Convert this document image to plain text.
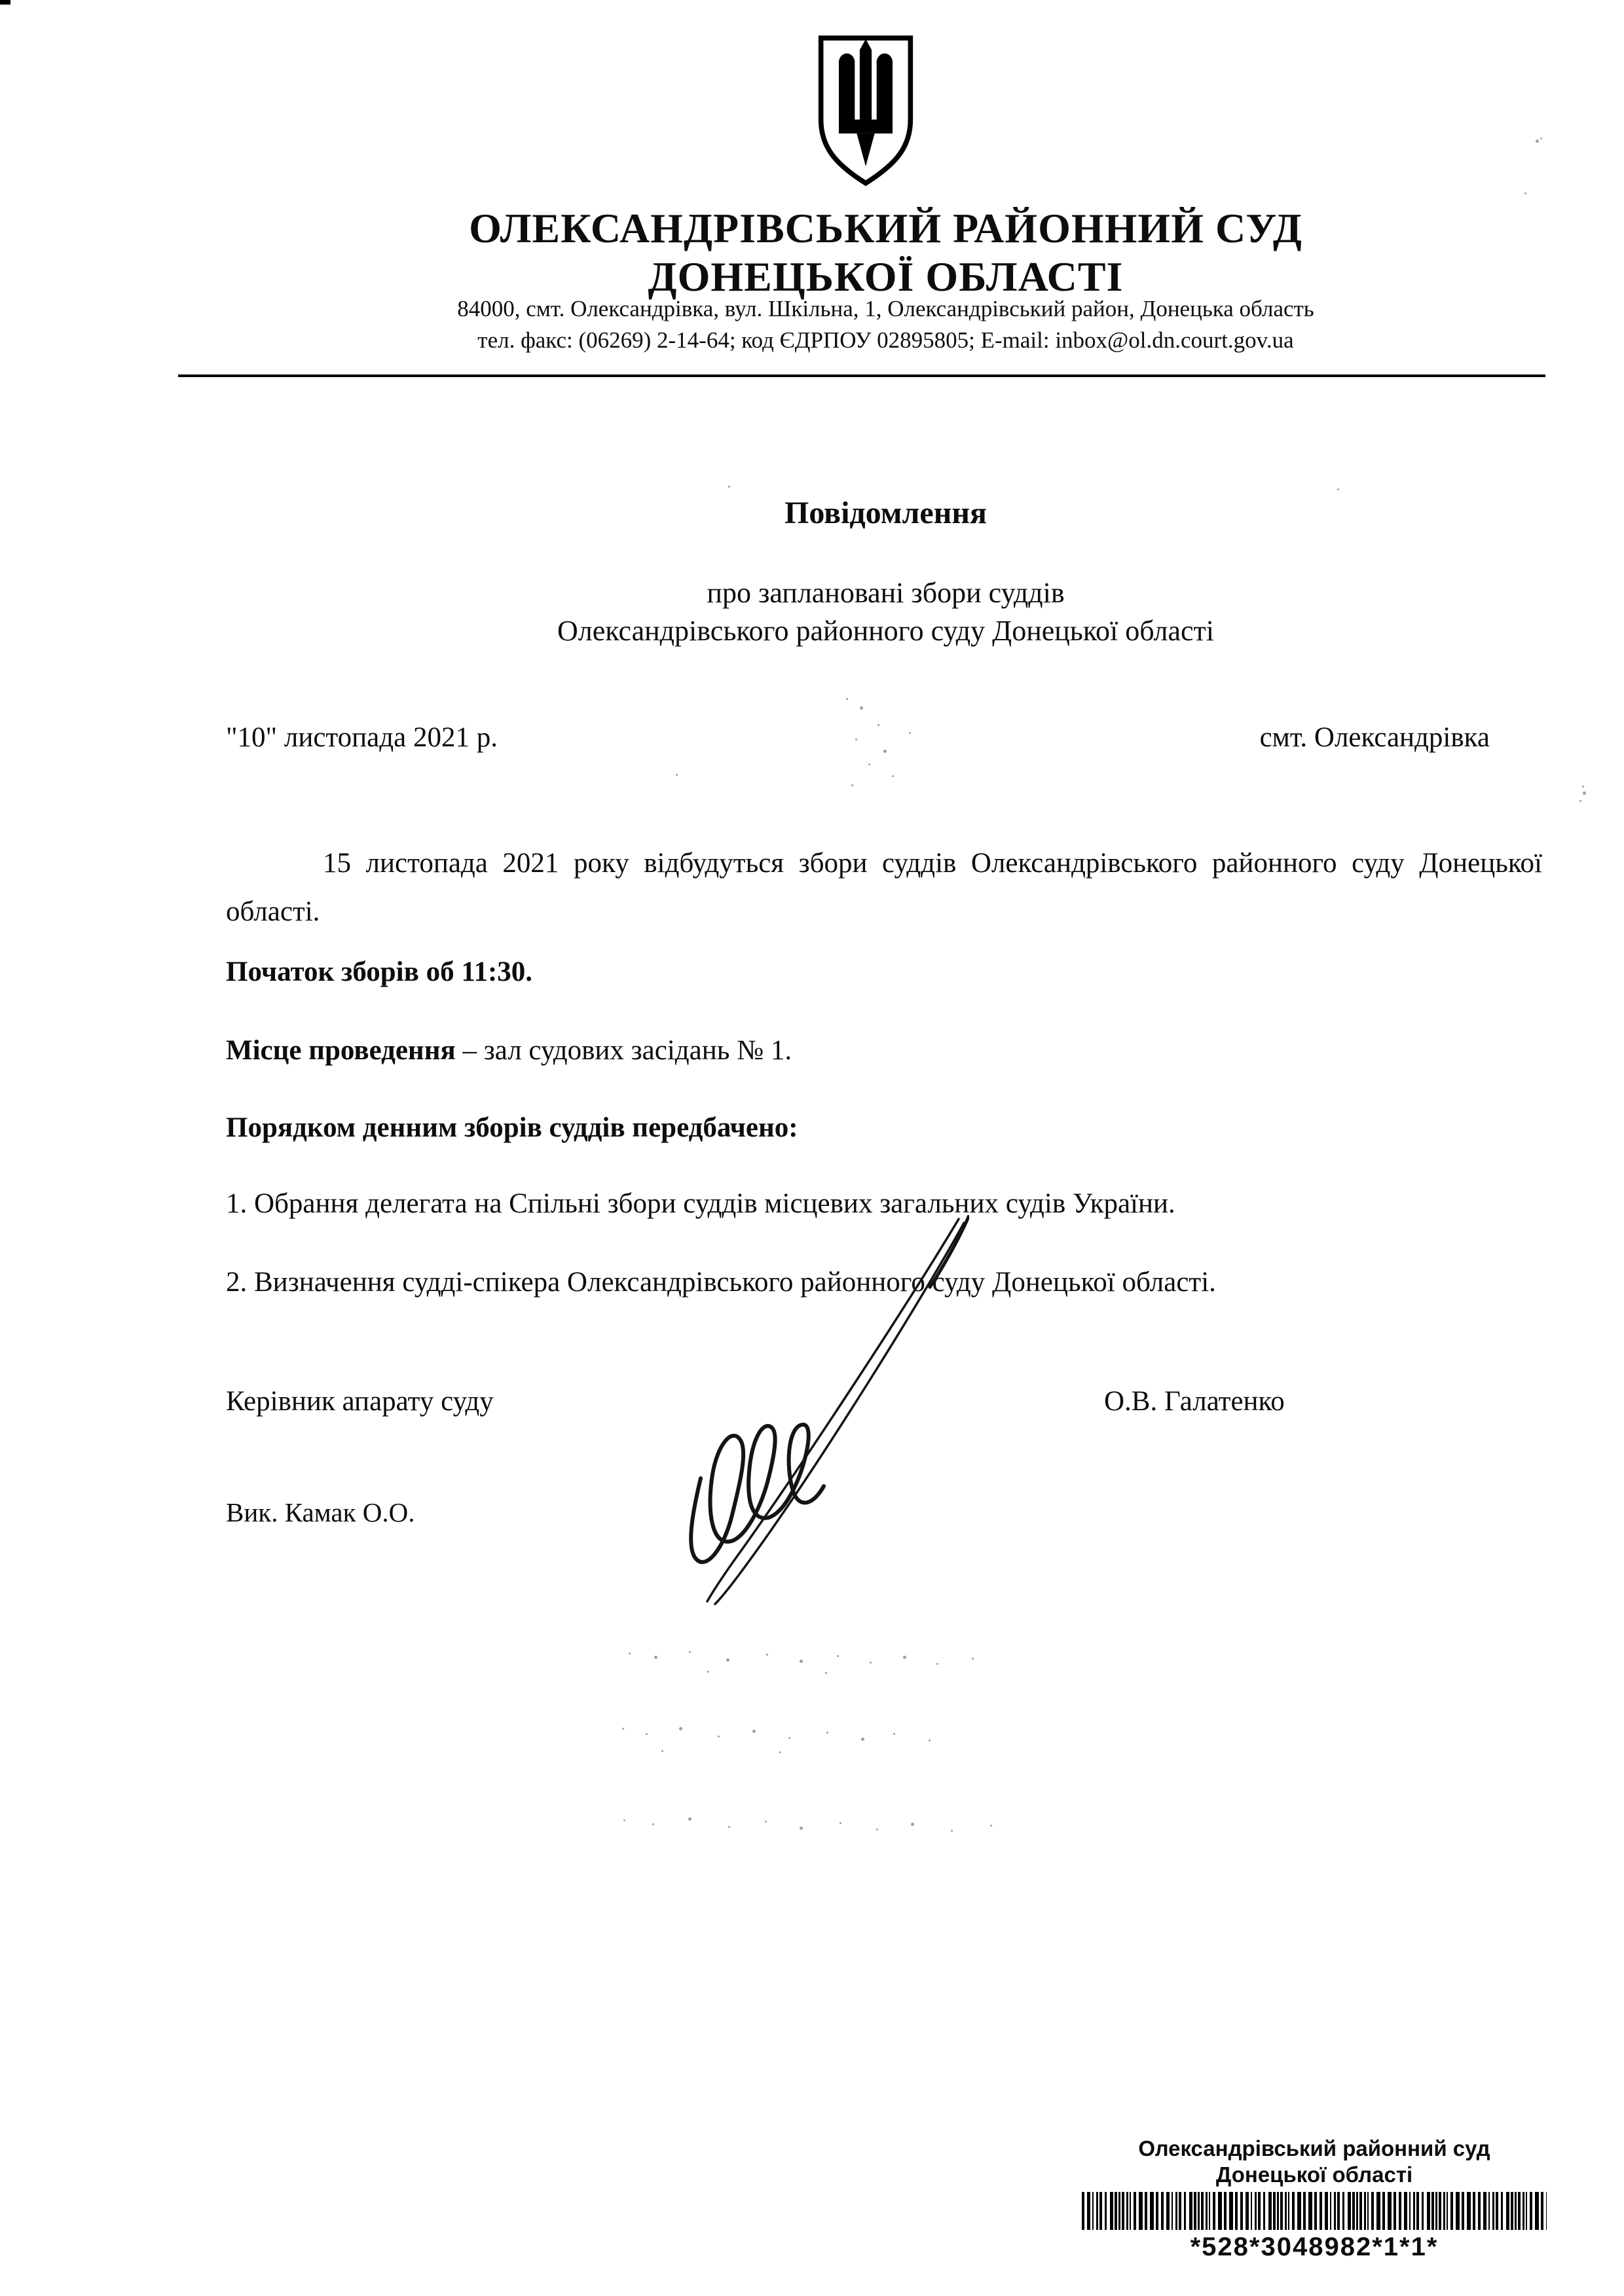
ОЛЕКСАНДРІВСЬКИЙ РАЙОННИЙ СУД
ДОНЕЦЬКОЇ ОБЛАСТІ
84000, смт. Олександрівка, вул. Шкільна, 1, Олександрівський район, Донецька область
тел. факс: (06269) 2-14-64; код ЄДРПОУ 02895805; E-mail: inbox@ol.dn.court.gov.ua
Повідомлення
про заплановані збори суддів
Олександрівського районного суду Донецької області
"10" листопада 2021 р.	смт. Олександрівка
15 листопада 2021 року відбудуться збори суддів Олександрівського районного суду Донецької області.
Початок зборів об 11:30.
Місце проведення – зал судових засідань № 1.
Порядком денним зборів суддів передбачено:
1. Обрання делегата на Спільні збори суддів місцевих загальних судів України.
2. Визначення судді-спікера Олександрівського районного суду Донецької області.
Керівник апарату суду	О.В. Галатенко
Вик. Камак О.О.
Олександрівський районний суд
Донецької області
*528*3048982*1*1*
